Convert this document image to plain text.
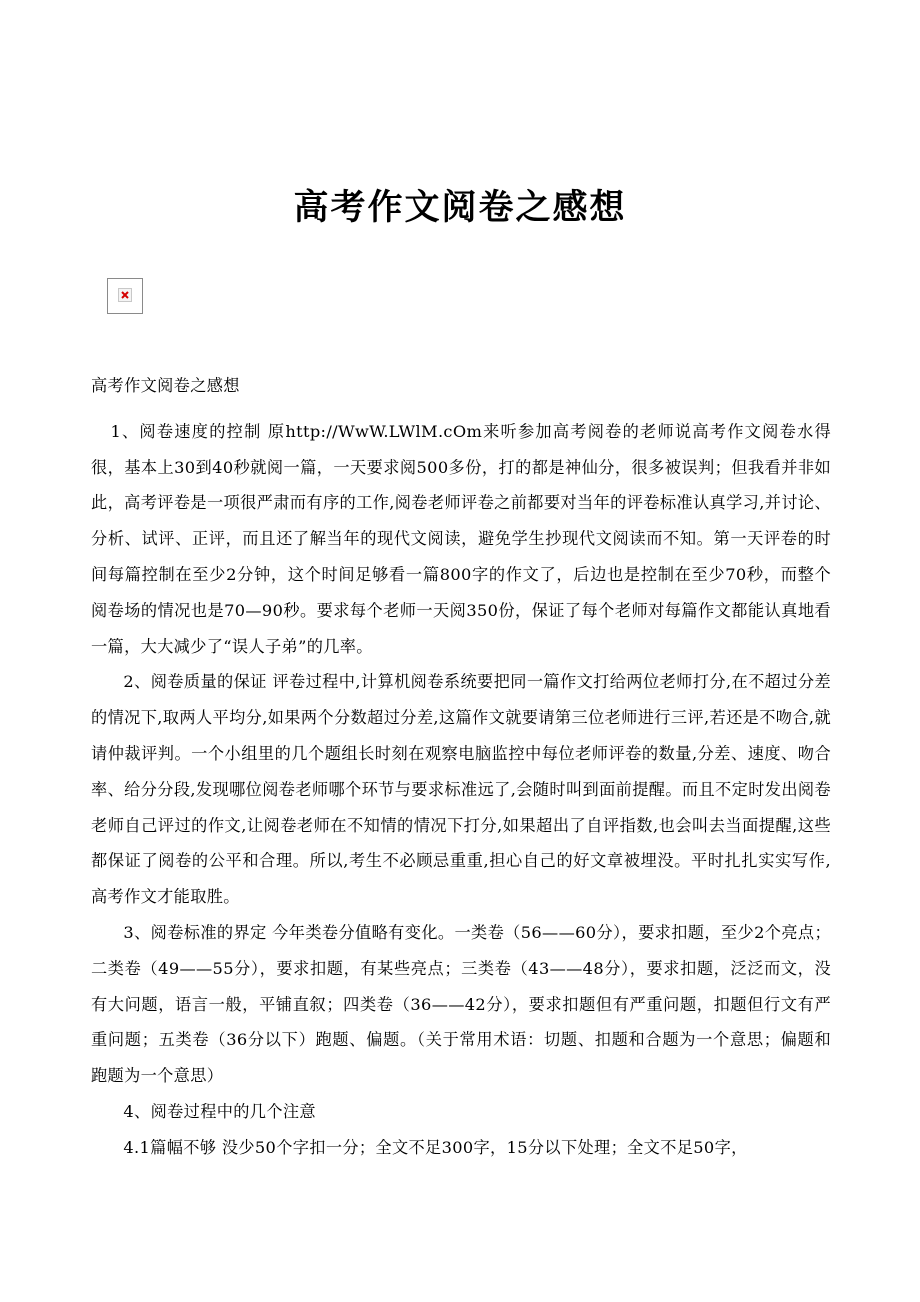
高考作文阅卷之感想

高考作文阅卷之感想

1、阅卷速度的控制 原http://WwW.LWlM.cOm来听参加高考阅卷的老师说高考作文阅卷水得很，基本上30到40秒就阅一篇，一天要求阅500多份，打的都是神仙分，很多被误判；但我看并非如此，高考评卷是一项很严肃而有序的工作,阅卷老师评卷之前都要对当年的评卷标准认真学习,并讨论、分析、试评、正评，而且还了解当年的现代文阅读，避免学生抄现代文阅读而不知。第一天评卷的时间每篇控制在至少2分钟，这个时间足够看一篇800字的作文了，后边也是控制在至少70秒，而整个阅卷场的情况也是70—90秒。要求每个老师一天阅350份，保证了每个老师对每篇作文都能认真地看一篇，大大减少了“误人子弟”的几率。

2、阅卷质量的保证 评卷过程中,计算机阅卷系统要把同一篇作文打给两位老师打分,在不超过分差的情况下,取两人平均分,如果两个分数超过分差,这篇作文就要请第三位老师进行三评,若还是不吻合,就请仲裁评判。一个小组里的几个题组长时刻在观察电脑监控中每位老师评卷的数量,分差、速度、吻合率、给分分段,发现哪位阅卷老师哪个环节与要求标准远了,会随时叫到面前提醒。而且不定时发出阅卷老师自己评过的作文,让阅卷老师在不知情的情况下打分,如果超出了自评指数,也会叫去当面提醒,这些都保证了阅卷的公平和合理。所以,考生不必顾忌重重,担心自己的好文章被埋没。平时扎扎实实写作,高考作文才能取胜。

3、阅卷标准的界定 今年类卷分值略有变化。一类卷（56——60分），要求扣题，至少2个亮点；二类卷（49——55分），要求扣题，有某些亮点；三类卷（43——48分），要求扣题，泛泛而文，没有大问题，语言一般，平铺直叙；四类卷（36——42分），要求扣题但有严重问题，扣题但行文有严重问题；五类卷（36分以下）跑题、偏题。（关于常用术语：切题、扣题和合题为一个意思；偏题和跑题为一个意思）

4、阅卷过程中的几个注意

4.1篇幅不够 没少50个字扣一分；全文不足300字，15分以下处理；全文不足50字，
